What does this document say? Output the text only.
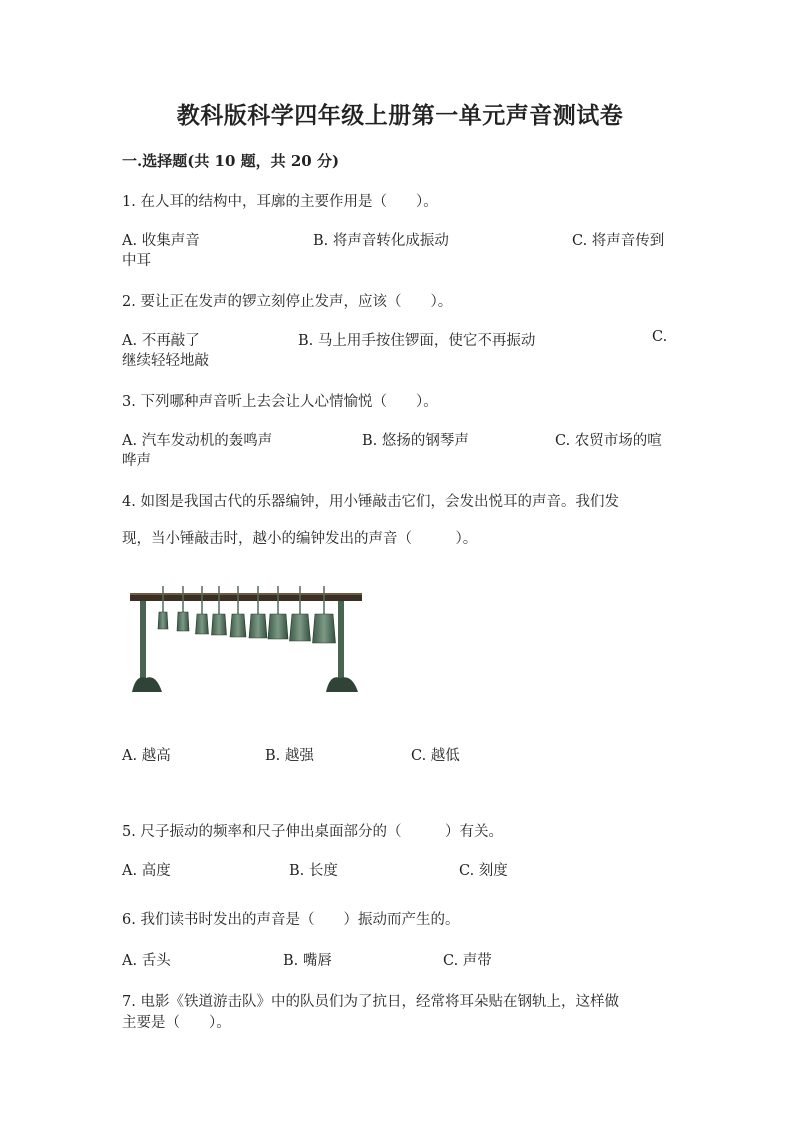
教科版科学四年级上册第一单元声音测试卷
一.选择题(共 10 题，共 20 分)
1. 在人耳的结构中，耳廓的主要作用是（　　）。
A. 收集声音	B. 将声音转化成振动	C. 将声音传到
中耳
2. 要让正在发声的锣立刻停止发声，应该（　　）。
A. 不再敲了	B. 马上用手按住锣面，使它不再振动	C.
继续轻轻地敲
3. 下列哪种声音听上去会让人心情愉悦（　　）。
A. 汽车发动机的轰鸣声	B. 悠扬的钢琴声	C. 农贸市场的喧
哗声
4. 如图是我国古代的乐器编钟，用小锤敲击它们，会发出悦耳的声音。我们发
现，当小锤敲击时，越小的编钟发出的声音（　　　）。
A. 越高	B. 越强	C. 越低
5. 尺子振动的频率和尺子伸出桌面部分的（　　　）有关。
A. 高度	B. 长度	C. 刻度
6. 我们读书时发出的声音是（　　）振动而产生的。
A. 舌头	B. 嘴唇	C. 声带
7. 电影《铁道游击队》中的队员们为了抗日，经常将耳朵贴在钢轨上，这样做
主要是（　　）。
